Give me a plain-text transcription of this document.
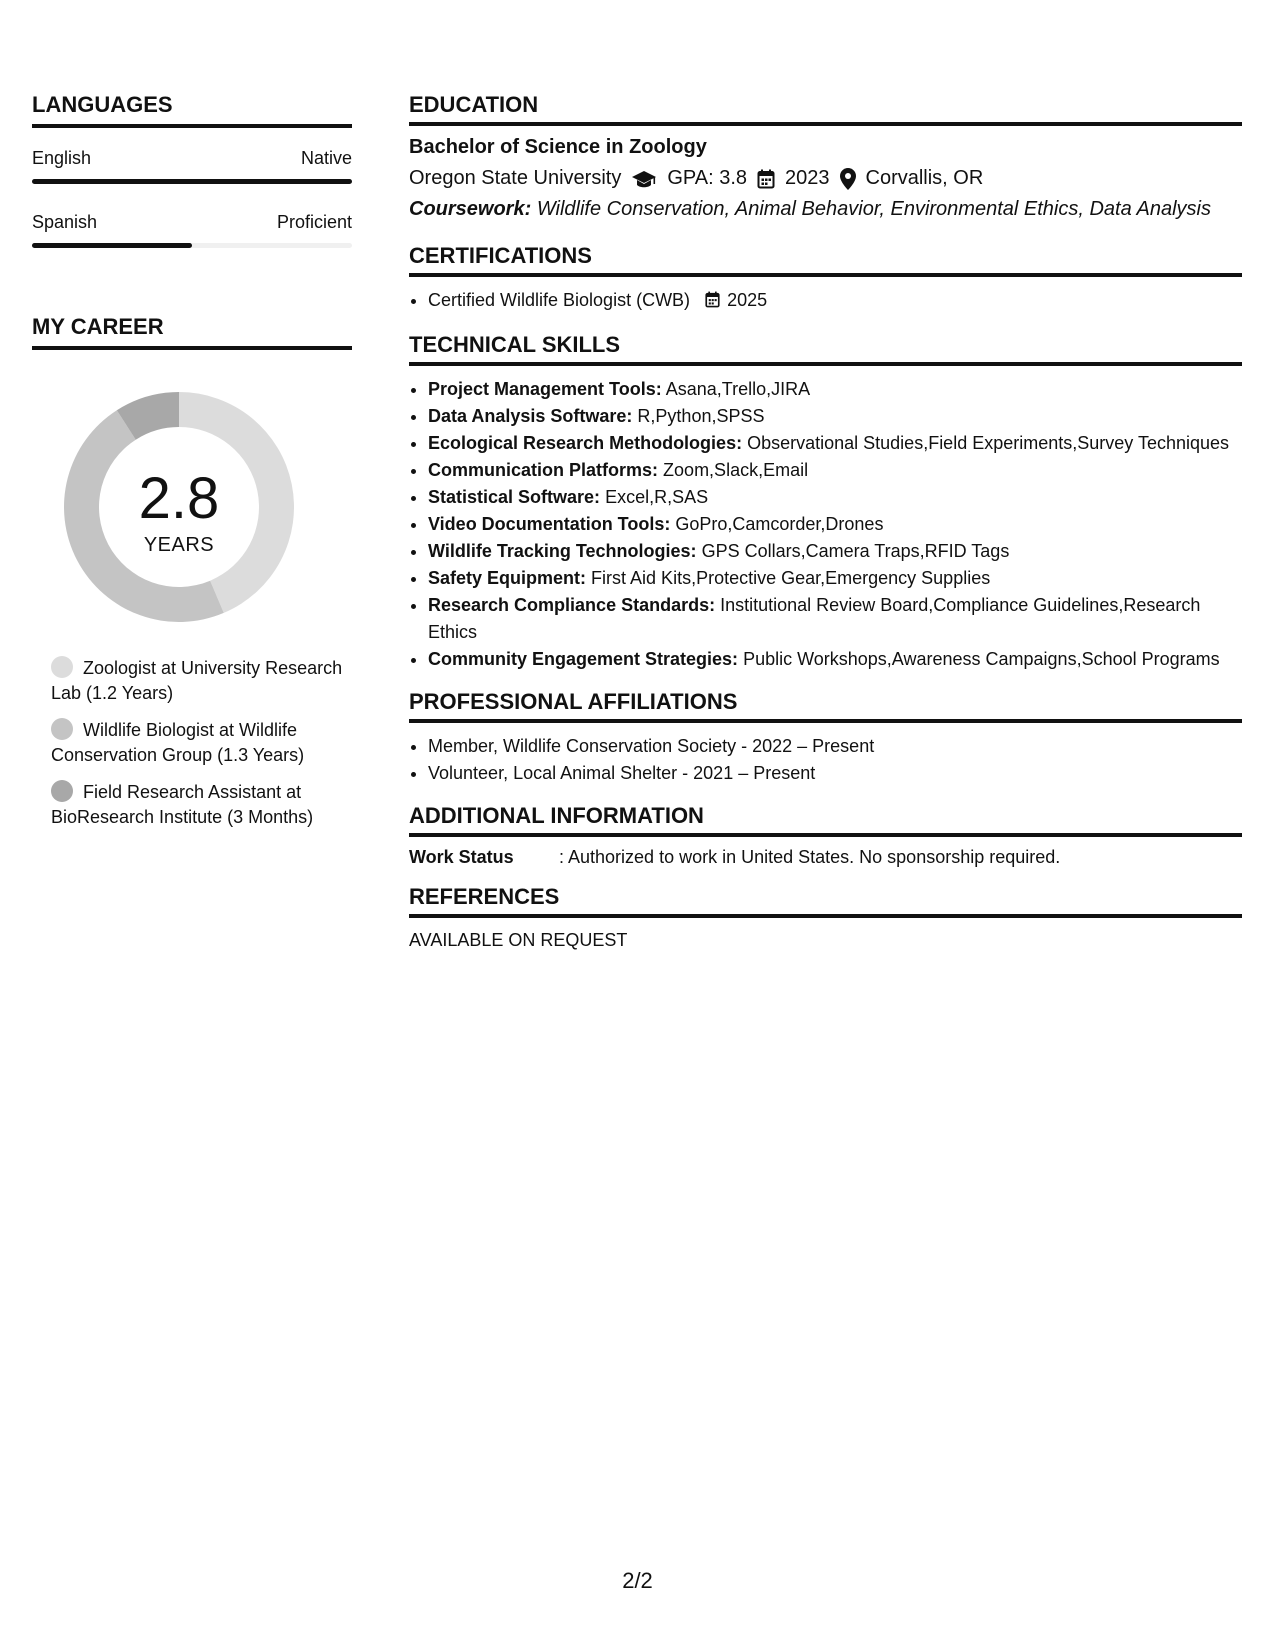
LANGUAGES
English	Native
Spanish	Proficient
MY CAREER
2.8
YEARS
Zoologist at University Research Lab (1.2 Years)
Wildlife Biologist at Wildlife Conservation Group (1.3 Years)
Field Research Assistant at BioResearch Institute (3 Months)
EDUCATION
Bachelor of Science in Zoology
Oregon State University GPA: 3.8 2023 Corvallis, OR
Coursework: Wildlife Conservation, Animal Behavior, Environmental Ethics, Data Analysis
CERTIFICATIONS
• Certified Wildlife Biologist (CWB) 2025
TECHNICAL SKILLS
• Project Management Tools: Asana,Trello,JIRA
• Data Analysis Software: R,Python,SPSS
• Ecological Research Methodologies: Observational Studies,Field Experiments,Survey Techniques
• Communication Platforms: Zoom,Slack,Email
• Statistical Software: Excel,R,SAS
• Video Documentation Tools: GoPro,Camcorder,Drones
• Wildlife Tracking Technologies: GPS Collars,Camera Traps,RFID Tags
• Safety Equipment: First Aid Kits,Protective Gear,Emergency Supplies
• Research Compliance Standards: Institutional Review Board,Compliance Guidelines,Research Ethics
• Community Engagement Strategies: Public Workshops,Awareness Campaigns,School Programs
PROFESSIONAL AFFILIATIONS
• Member, Wildlife Conservation Society - 2022 – Present
• Volunteer, Local Animal Shelter - 2021 – Present
ADDITIONAL INFORMATION
Work Status	: Authorized to work in United States. No sponsorship required.
REFERENCES
AVAILABLE ON REQUEST
2/2
